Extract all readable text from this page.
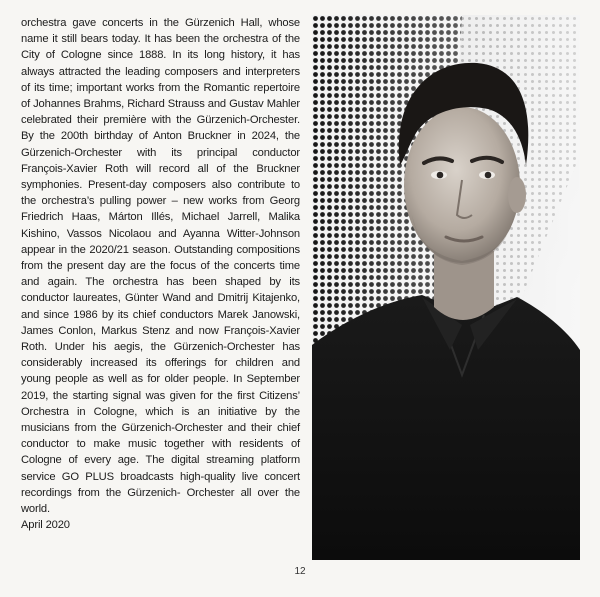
orchestra gave concerts in the Gürzenich Hall, whose name it still bears today. It has been the orchestra of the City of Cologne since 1888. In its long history, it has always attracted the leading composers and interpreters of its time; important works from the Romantic repertoire of Johannes Brahms, Richard Strauss and Gustav Mahler celebrated their première with the Gürzenich-Orchester. By the 200th birthday of Anton Bruckner in 2024, the Gürzenich-Orchester with its principal conductor François-Xavier Roth will record all of the Bruckner symphonies. Present-day composers also contribute to the orchestra’s pulling power – new works from Georg Friedrich Haas, Márton Illés, Michael Jarrell, Malika Kishino, Vassos Nicolaou and Ayanna Witter-Johnson appear in the 2020/21 season. Outstanding compositions from the present day are the focus of the concerts time and again. The orchestra has been shaped by its conductor laureates, Günter Wand and Dmitrij Kitajenko, and since 1986 by its chief conductors Marek Janowski, James Conlon, Markus Stenz and now François-Xavier Roth. Under his aegis, the Gürzenich-Orchester has considerably increased its offerings for children and young people as well as for older people. In September 2019, the starting signal was given for the first Citizens’ Orchestra in Cologne, which is an initiative by the musicians from the Gürzenich-Orchester and their chief conductor to make music together with residents of Cologne of every age. The digital streaming platform service GO PLUS broadcasts high-quality live concert recordings from the Gürzenich- Orchester all over the world.

April 2020

12
